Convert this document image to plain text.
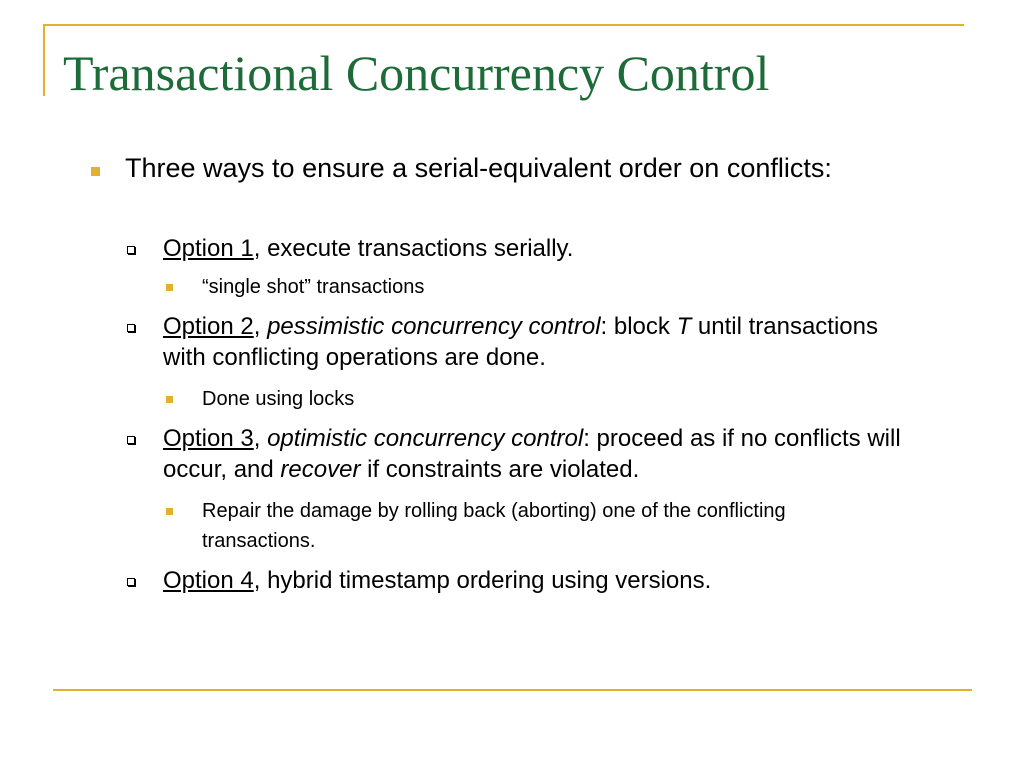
Transactional Concurrency Control

Three ways to ensure a serial-equivalent order on conflicts:

Option 1, execute transactions serially.

“single shot” transactions

Option 2, pessimistic concurrency control: block T until transactions with conflicting operations are done.

Done using locks

Option 3, optimistic concurrency control: proceed as if no conflicts will occur, and recover if constraints are violated.

Repair the damage by rolling back (aborting) one of the conflicting transactions.

Option 4, hybrid timestamp ordering using versions.
